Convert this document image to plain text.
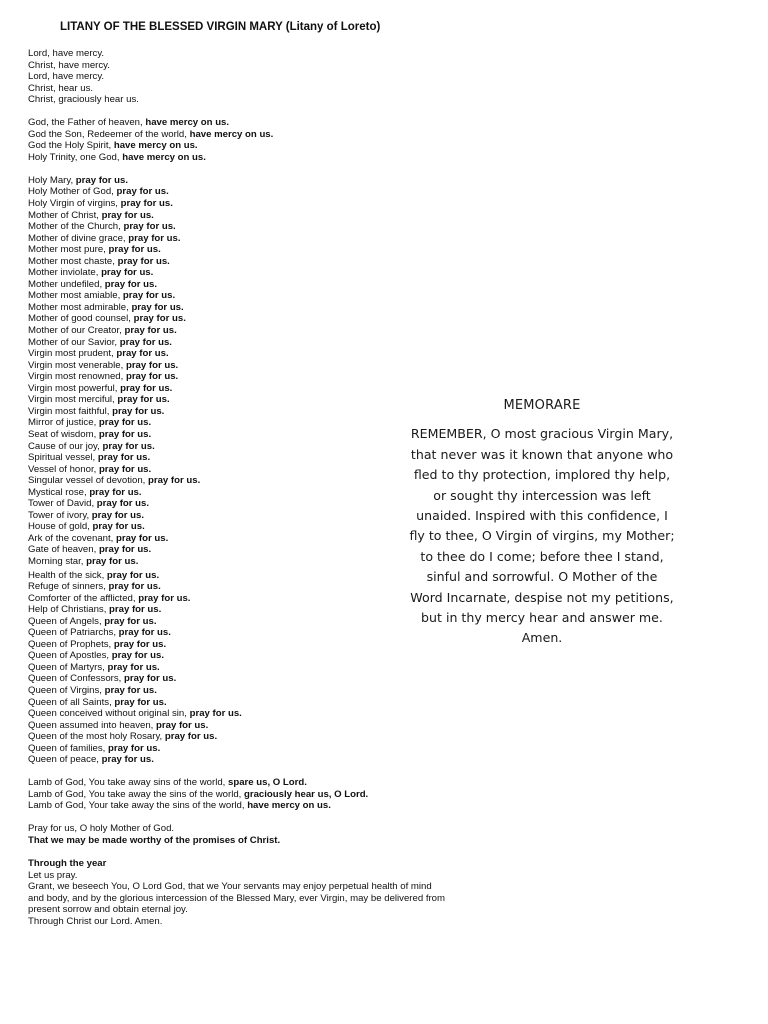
LITANY OF THE BLESSED VIRGIN MARY (Litany of Loreto)
Lord, have mercy.
Christ, have mercy.
Lord, have mercy.
Christ, hear us.
Christ, graciously hear us.
God, the Father of heaven, have mercy on us.
God the Son, Redeemer of the world, have mercy on us.
God the Holy Spirit, have mercy on us.
Holy Trinity, one God, have mercy on us.
Holy Mary, pray for us.
Holy Mother of God, pray for us.
Holy Virgin of virgins, pray for us.
Mother of Christ, pray for us.
Mother of the Church, pray for us.
Mother of divine grace, pray for us.
Mother most pure, pray for us.
Mother most chaste, pray for us.
Mother inviolate, pray for us.
Mother undefiled, pray for us.
Mother most amiable, pray for us.
Mother most admirable, pray for us.
Mother of good counsel, pray for us.
Mother of our Creator, pray for us.
Mother of our Savior, pray for us.
Virgin most prudent, pray for us.
Virgin most venerable, pray for us.
Virgin most renowned, pray for us.
Virgin most powerful, pray for us.
Virgin most merciful, pray for us.
Virgin most faithful, pray for us.
Mirror of justice, pray for us.
Seat of wisdom, pray for us.
Cause of our joy, pray for us.
Spiritual vessel, pray for us.
Vessel of honor, pray for us.
Singular vessel of devotion, pray for us.
Mystical rose, pray for us.
Tower of David, pray for us.
Tower of ivory, pray for us.
House of gold, pray for us.
Ark of the covenant, pray for us.
Gate of heaven, pray for us.
Morning star, pray for us.
Health of the sick, pray for us.
Refuge of sinners, pray for us.
Comforter of the afflicted, pray for us.
Help of Christians, pray for us.
Queen of Angels, pray for us.
Queen of Patriarchs, pray for us.
Queen of Prophets, pray for us.
Queen of Apostles, pray for us.
Queen of Martyrs, pray for us.
Queen of Confessors, pray for us.
Queen of Virgins, pray for us.
Queen of all Saints, pray for us.
Queen conceived without original sin, pray for us.
Queen assumed into heaven, pray for us.
Queen of the most holy Rosary, pray for us.
Queen of families, pray for us.
Queen of peace, pray for us.
Lamb of God, You take away sins of the world, spare us, O Lord.
Lamb of God, You take away the sins of the world, graciously hear us, O Lord.
Lamb of God, Your take away the sins of the world, have mercy on us.
Pray for us, O holy Mother of God.
That we may be made worthy of the promises of Christ.
Through the year
Let us pray.
Grant, we beseech You, O Lord God, that we Your servants may enjoy perpetual health of mind and body, and by the glorious intercession of the Blessed Mary, ever Virgin, may be delivered from present sorrow and obtain eternal joy.
Through Christ our Lord. Amen.
MEMORARE
REMEMBER, O most gracious Virgin Mary,
that never was it known that anyone who
fled to thy protection, implored thy help,
or sought thy intercession was left
unaided. Inspired with this confidence, I
fly to thee, O Virgin of virgins, my Mother;
to thee do I come; before thee I stand,
sinful and sorrowful. O Mother of the
Word Incarnate, despise not my petitions,
but in thy mercy hear and answer me.
Amen.
